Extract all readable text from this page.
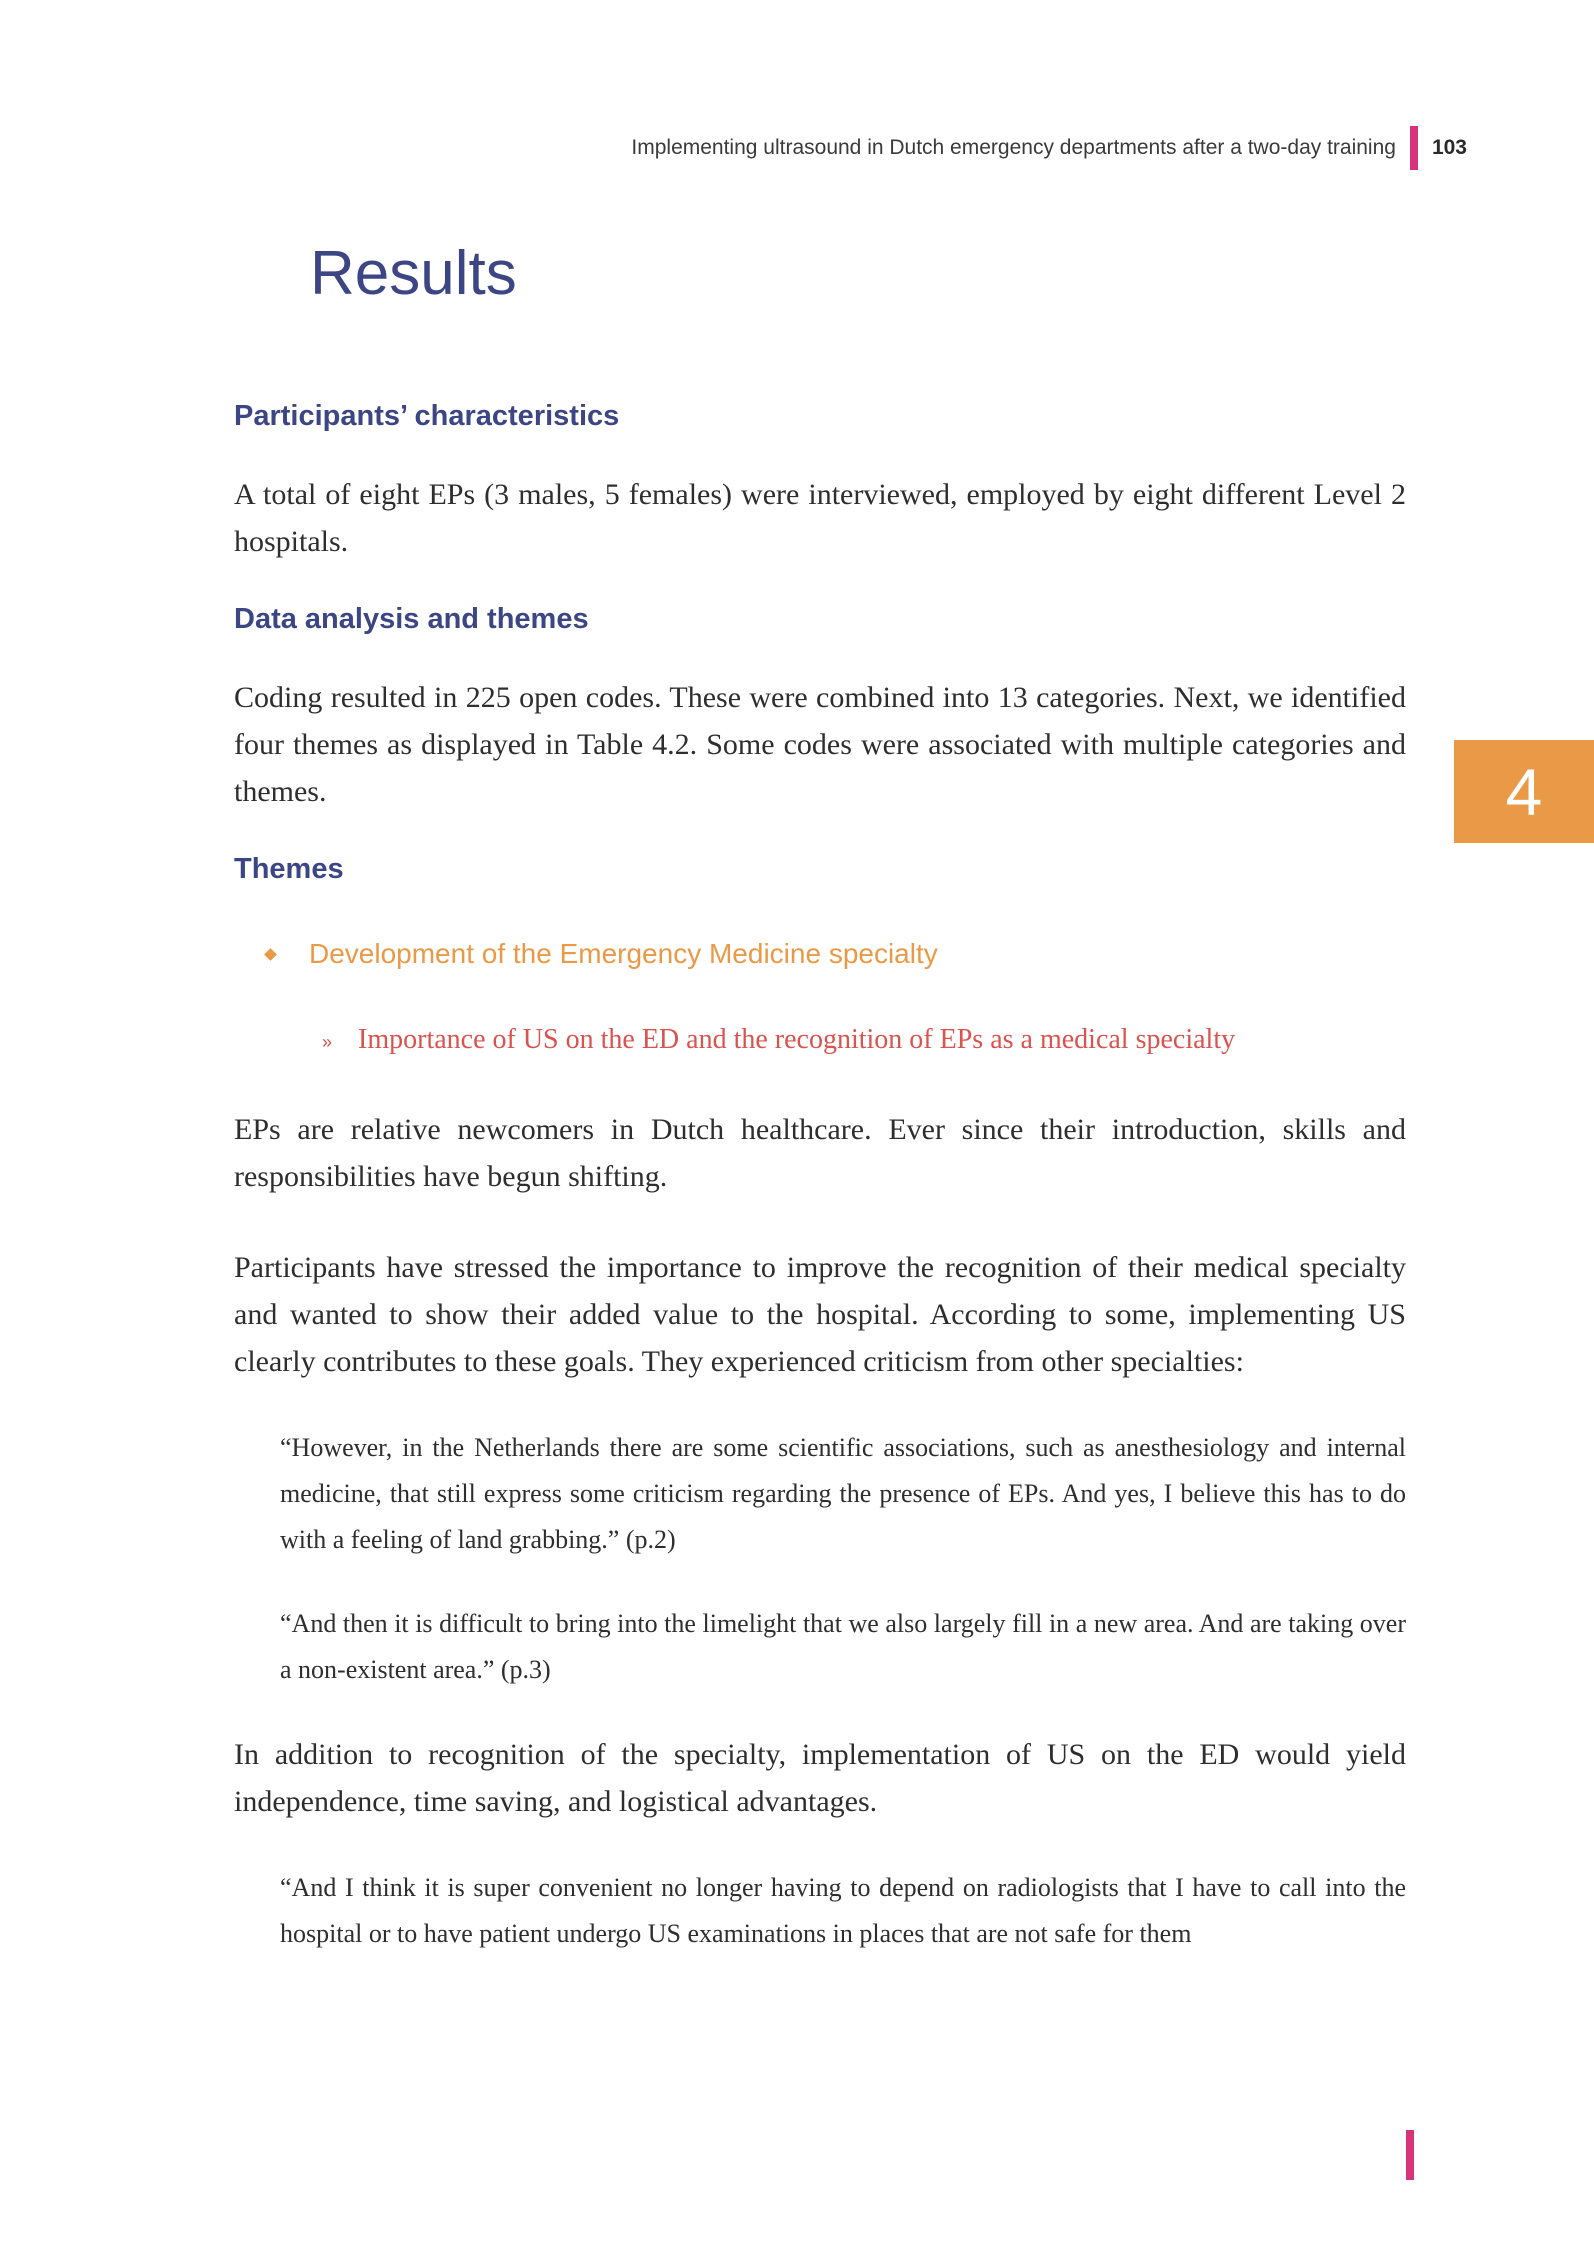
Implementing ultrasound in Dutch emergency departments after a two-day training	103
4
Results
Participants’ characteristics

A total of eight EPs (3 males, 5 females) were interviewed, employed by eight different Level 2 hospitals.

Data analysis and themes

Coding resulted in 225 open codes. These were combined into 13 categories. Next, we identified four themes as displayed in Table 4.2. Some codes were associated with multiple categories and themes.

Themes
Development of the Emergency Medicine specialty
» Importance of US on the ED and the recognition of EPs as a medical specialty

EPs are relative newcomers in Dutch healthcare. Ever since their introduction, skills and responsibilities have begun shifting.

Participants have stressed the importance to improve the recognition of their medical specialty and wanted to show their added value to the hospital. According to some, implementing US clearly contributes to these goals. They experienced criticism from other specialties:

“However, in the Netherlands there are some scientific associations, such as anesthesiology and internal medicine, that still express some criticism regarding the presence of EPs. And yes, I believe this has to do with a feeling of land grabbing.” (p.2)

“And then it is difficult to bring into the limelight that we also largely fill in a new area. And are taking over a non-existent area.” (p.3)

In addition to recognition of the specialty, implementation of US on the ED would yield independence, time saving, and logistical advantages.

“And I think it is super convenient no longer having to depend on radiologists that I have to call into the hospital or to have patient undergo US examinations in places that are not safe for them
